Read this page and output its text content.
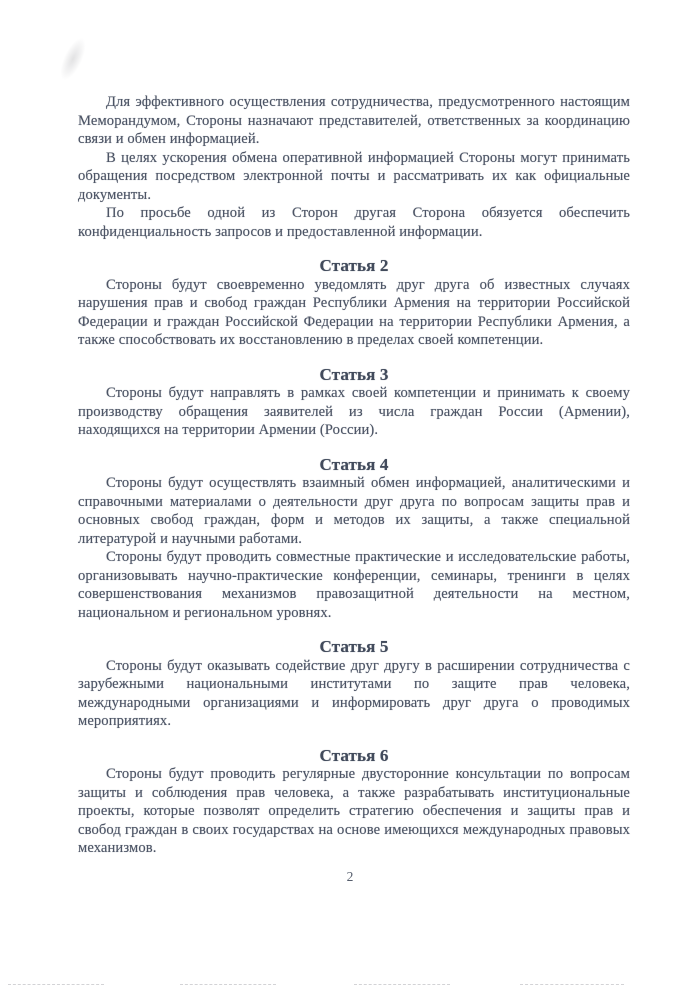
Для эффективного осуществления сотрудничества, предусмотренного настоящим Меморандумом, Стороны назначают представителей, ответственных за координацию связи и обмен информацией.

В целях ускорения обмена оперативной информацией Стороны могут принимать обращения посредством электронной почты и рассматривать их как официальные документы.

По просьбе одной из Сторон другая Сторона обязуется обеспечить конфиденциальность запросов и предоставленной информации.

Статья 2

Стороны будут своевременно уведомлять друг друга об известных случаях нарушения прав и свобод граждан Республики Армения на территории Российской Федерации и граждан Российской Федерации на территории Республики Армения, а также способствовать их восстановлению в пределах своей компетенции.

Статья 3

Стороны будут направлять в рамках своей компетенции и принимать к своему производству обращения заявителей из числа граждан России (Армении), находящихся на территории Армении (России).

Статья 4

Стороны будут осуществлять взаимный обмен информацией, аналитическими и справочными материалами о деятельности друг друга по вопросам защиты прав и основных свобод граждан, форм и методов их защиты, а также специальной литературой и научными работами.

Стороны будут проводить совместные практические и исследовательские работы, организовывать научно-практические конференции, семинары, тренинги в целях совершенствования механизмов правозащитной деятельности на местном, национальном и региональном уровнях.

Статья 5

Стороны будут оказывать содействие друг другу в расширении сотрудничества с зарубежными национальными институтами по защите прав человека, международными организациями и информировать друг друга о проводимых мероприятиях.

Статья 6

Стороны будут проводить регулярные двусторонние консультации по вопросам защиты и соблюдения прав человека, а также разрабатывать институциональные проекты, которые позволят определить стратегию обеспечения и защиты прав и свобод граждан в своих государствах на основе имеющихся международных правовых механизмов.

2
